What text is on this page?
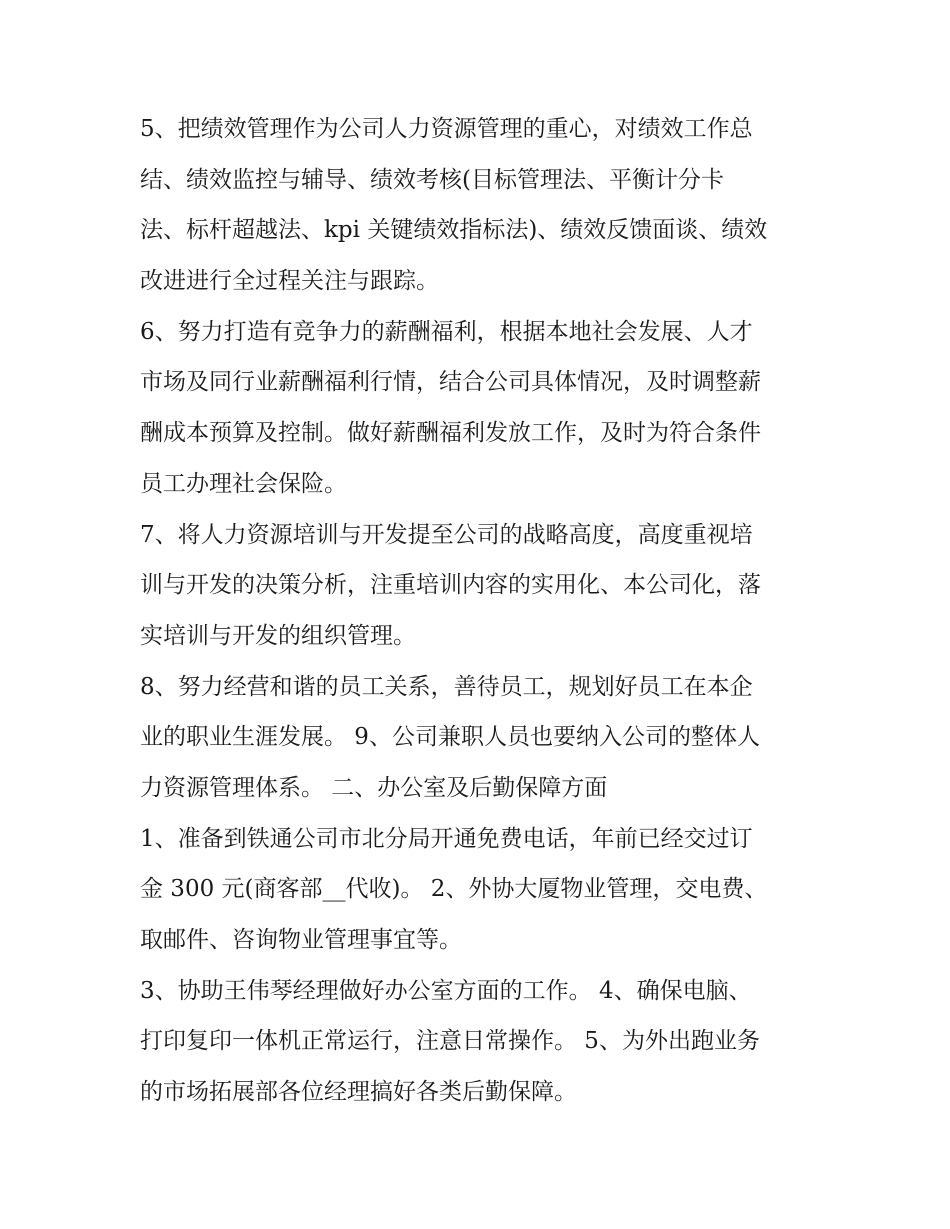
5、把绩效管理作为公司人力资源管理的重心，对绩效工作总
结、绩效监控与辅导、绩效考核(目标管理法、平衡计分卡
法、标杆超越法、kpi 关键绩效指标法)、绩效反馈面谈、绩效
改进进行全过程关注与跟踪。

6、努力打造有竞争力的薪酬福利，根据本地社会发展、人才
市场及同行业薪酬福利行情，结合公司具体情况，及时调整薪
酬成本预算及控制。做好薪酬福利发放工作，及时为符合条件
员工办理社会保险。

7、将人力资源培训与开发提至公司的战略高度，高度重视培
训与开发的决策分析，注重培训内容的实用化、本公司化，落
实培训与开发的组织管理。

8、努力经营和谐的员工关系，善待员工，规划好员工在本企
业的职业生涯发展。 9、公司兼职人员也要纳入公司的整体人
力资源管理体系。 二、办公室及后勤保障方面

1、准备到铁通公司市北分局开通免费电话，年前已经交过订
金 300 元(商客部__代收)。 2、外协大厦物业管理，交电费、
取邮件、咨询物业管理事宜等。

3、协助王伟琴经理做好办公室方面的工作。 4、确保电脑、
打印复印一体机正常运行，注意日常操作。 5、为外出跑业务
的市场拓展部各位经理搞好各类后勤保障。
